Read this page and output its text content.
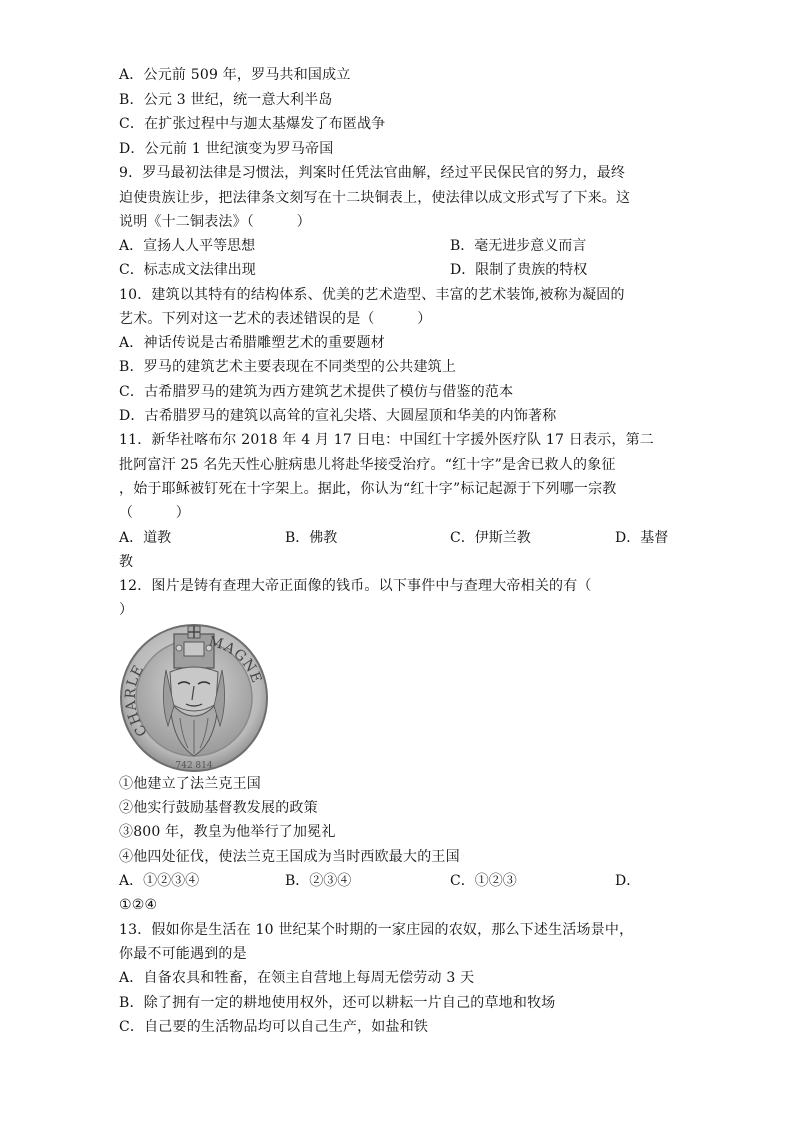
A．公元前 509 年，罗马共和国成立
B．公元 3 世纪，统一意大利半岛
C．在扩张过程中与迦太基爆发了布匿战争
D．公元前 1 世纪演变为罗马帝国
9．罗马最初法律是习惯法，判案时任凭法官曲解，经过平民保民官的努力，最终
迫使贵族让步，把法律条文刻写在十二块铜表上，使法律以成文形式写了下来。这
说明《十二铜表法》（　　　）
A．宣扬人人平等思想	B．毫无进步意义而言
C．标志成文法律出现	D．限制了贵族的特权
10．建筑以其特有的结构体系、优美的艺术造型、丰富的艺术装饰,被称为凝固的
艺术。下列对这一艺术的表述错误的是（　　　）
A．神话传说是古希腊雕塑艺术的重要题材
B．罗马的建筑艺术主要表现在不同类型的公共建筑上
C．古希腊罗马的建筑为西方建筑艺术提供了模仿与借鉴的范本
D．古希腊罗马的建筑以高耸的宣礼尖塔、大圆屋顶和华美的内饰著称
11．新华社喀布尔 2018 年 4 月 17 日电：中国红十字援外医疗队 17 日表示，第二
批阿富汗 25 名先天性心脏病患儿将赴华接受治疗。“红十字”是舍已救人的象征
，始于耶稣被钉死在十字架上。据此，你认为“红十字”标记起源于下列哪一宗教
（　　　）
A．道教	B．佛教	C．伊斯兰教	D．基督
教
12．图片是铸有查理大帝正面像的钱币。以下事件中与查理大帝相关的有（
）
CHARLE
MAGNE
742 814
①他建立了法兰克王国
②他实行鼓励基督教发展的政策
③800 年，教皇为他举行了加冕礼
④他四处征伐，使法兰克王国成为当时西欧最大的王国
A．①②③④	B．②③④	C．①②③	D．
①②④
13．假如你是生活在 10 世纪某个时期的一家庄园的农奴，那么下述生活场景中，
你最不可能遇到的是
A．自备农具和牲畜，在领主自营地上每周无偿劳动 3 天
B．除了拥有一定的耕地使用权外，还可以耕耘一片自己的草地和牧场
C．自己要的生活物品均可以自己生产，如盐和铁
